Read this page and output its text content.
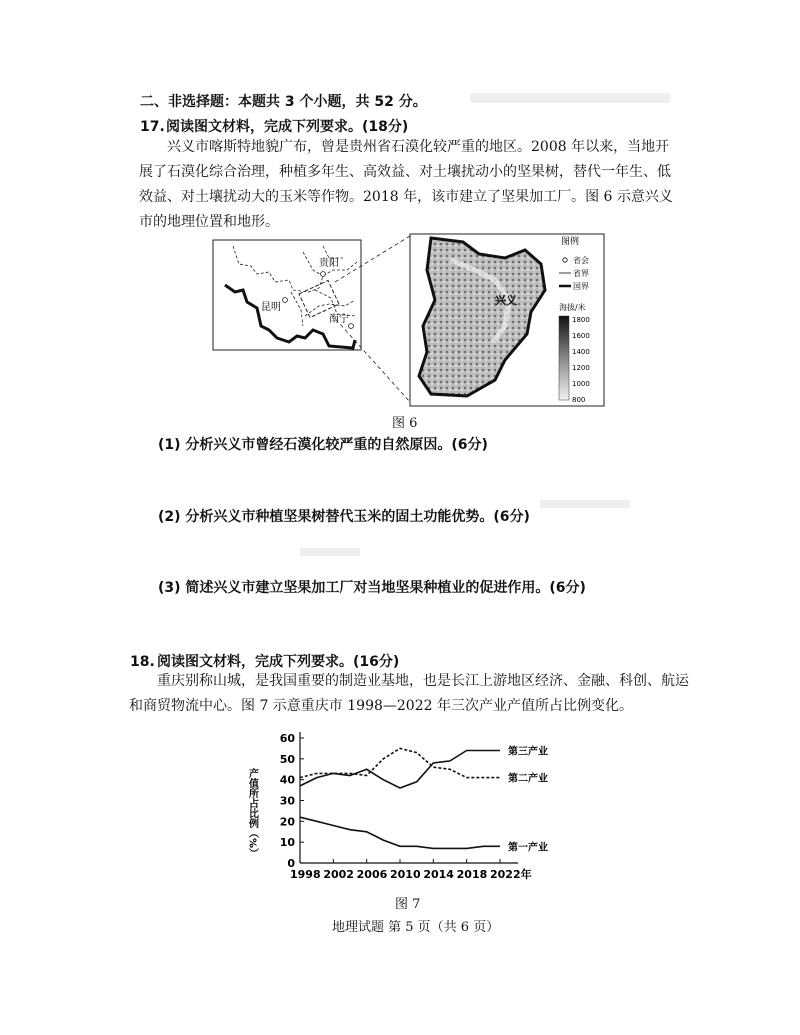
二、非选择题：本题共 3 个小题，共 52 分。
17. 阅读图文材料，完成下列要求。(18分)
兴义市喀斯特地貌广布，曾是贵州省石漠化较严重的地区。2008 年以来，当地开展了石漠化综合治理，种植多年生、高效益、对土壤扰动小的坚果树，替代一年生、低效益、对土壤扰动大的玉米等作物。2018 年，该市建立了坚果加工厂。图 6 示意兴义市的地理位置和地形。
昆明
贵阳
南宁
兴义
图例
省会
省界
国界
海拔/米
1800
1600
1400
1200
1000
800
图 6
(1) 分析兴义市曾经石漠化较严重的自然原因。(6分)
(2) 分析兴义市种植坚果树替代玉米的固土功能优势。(6分)
(3) 简述兴义市建立坚果加工厂对当地坚果种植业的促进作用。(6分)
18. 阅读图文材料，完成下列要求。(16分)
重庆别称山城，是我国重要的制造业基地，也是长江上游地区经济、金融、科创、航运和商贸物流中心。图 7 示意重庆市 1998—2022 年三次产业产值所占比例变化。
0
10
20
30
40
50
60
1998 2002 2006 2010 2014 2018 2022年
产值所占比例（%）
第三产业
第二产业
第一产业
图 7
地理试题 第 5 页（共 6 页）
